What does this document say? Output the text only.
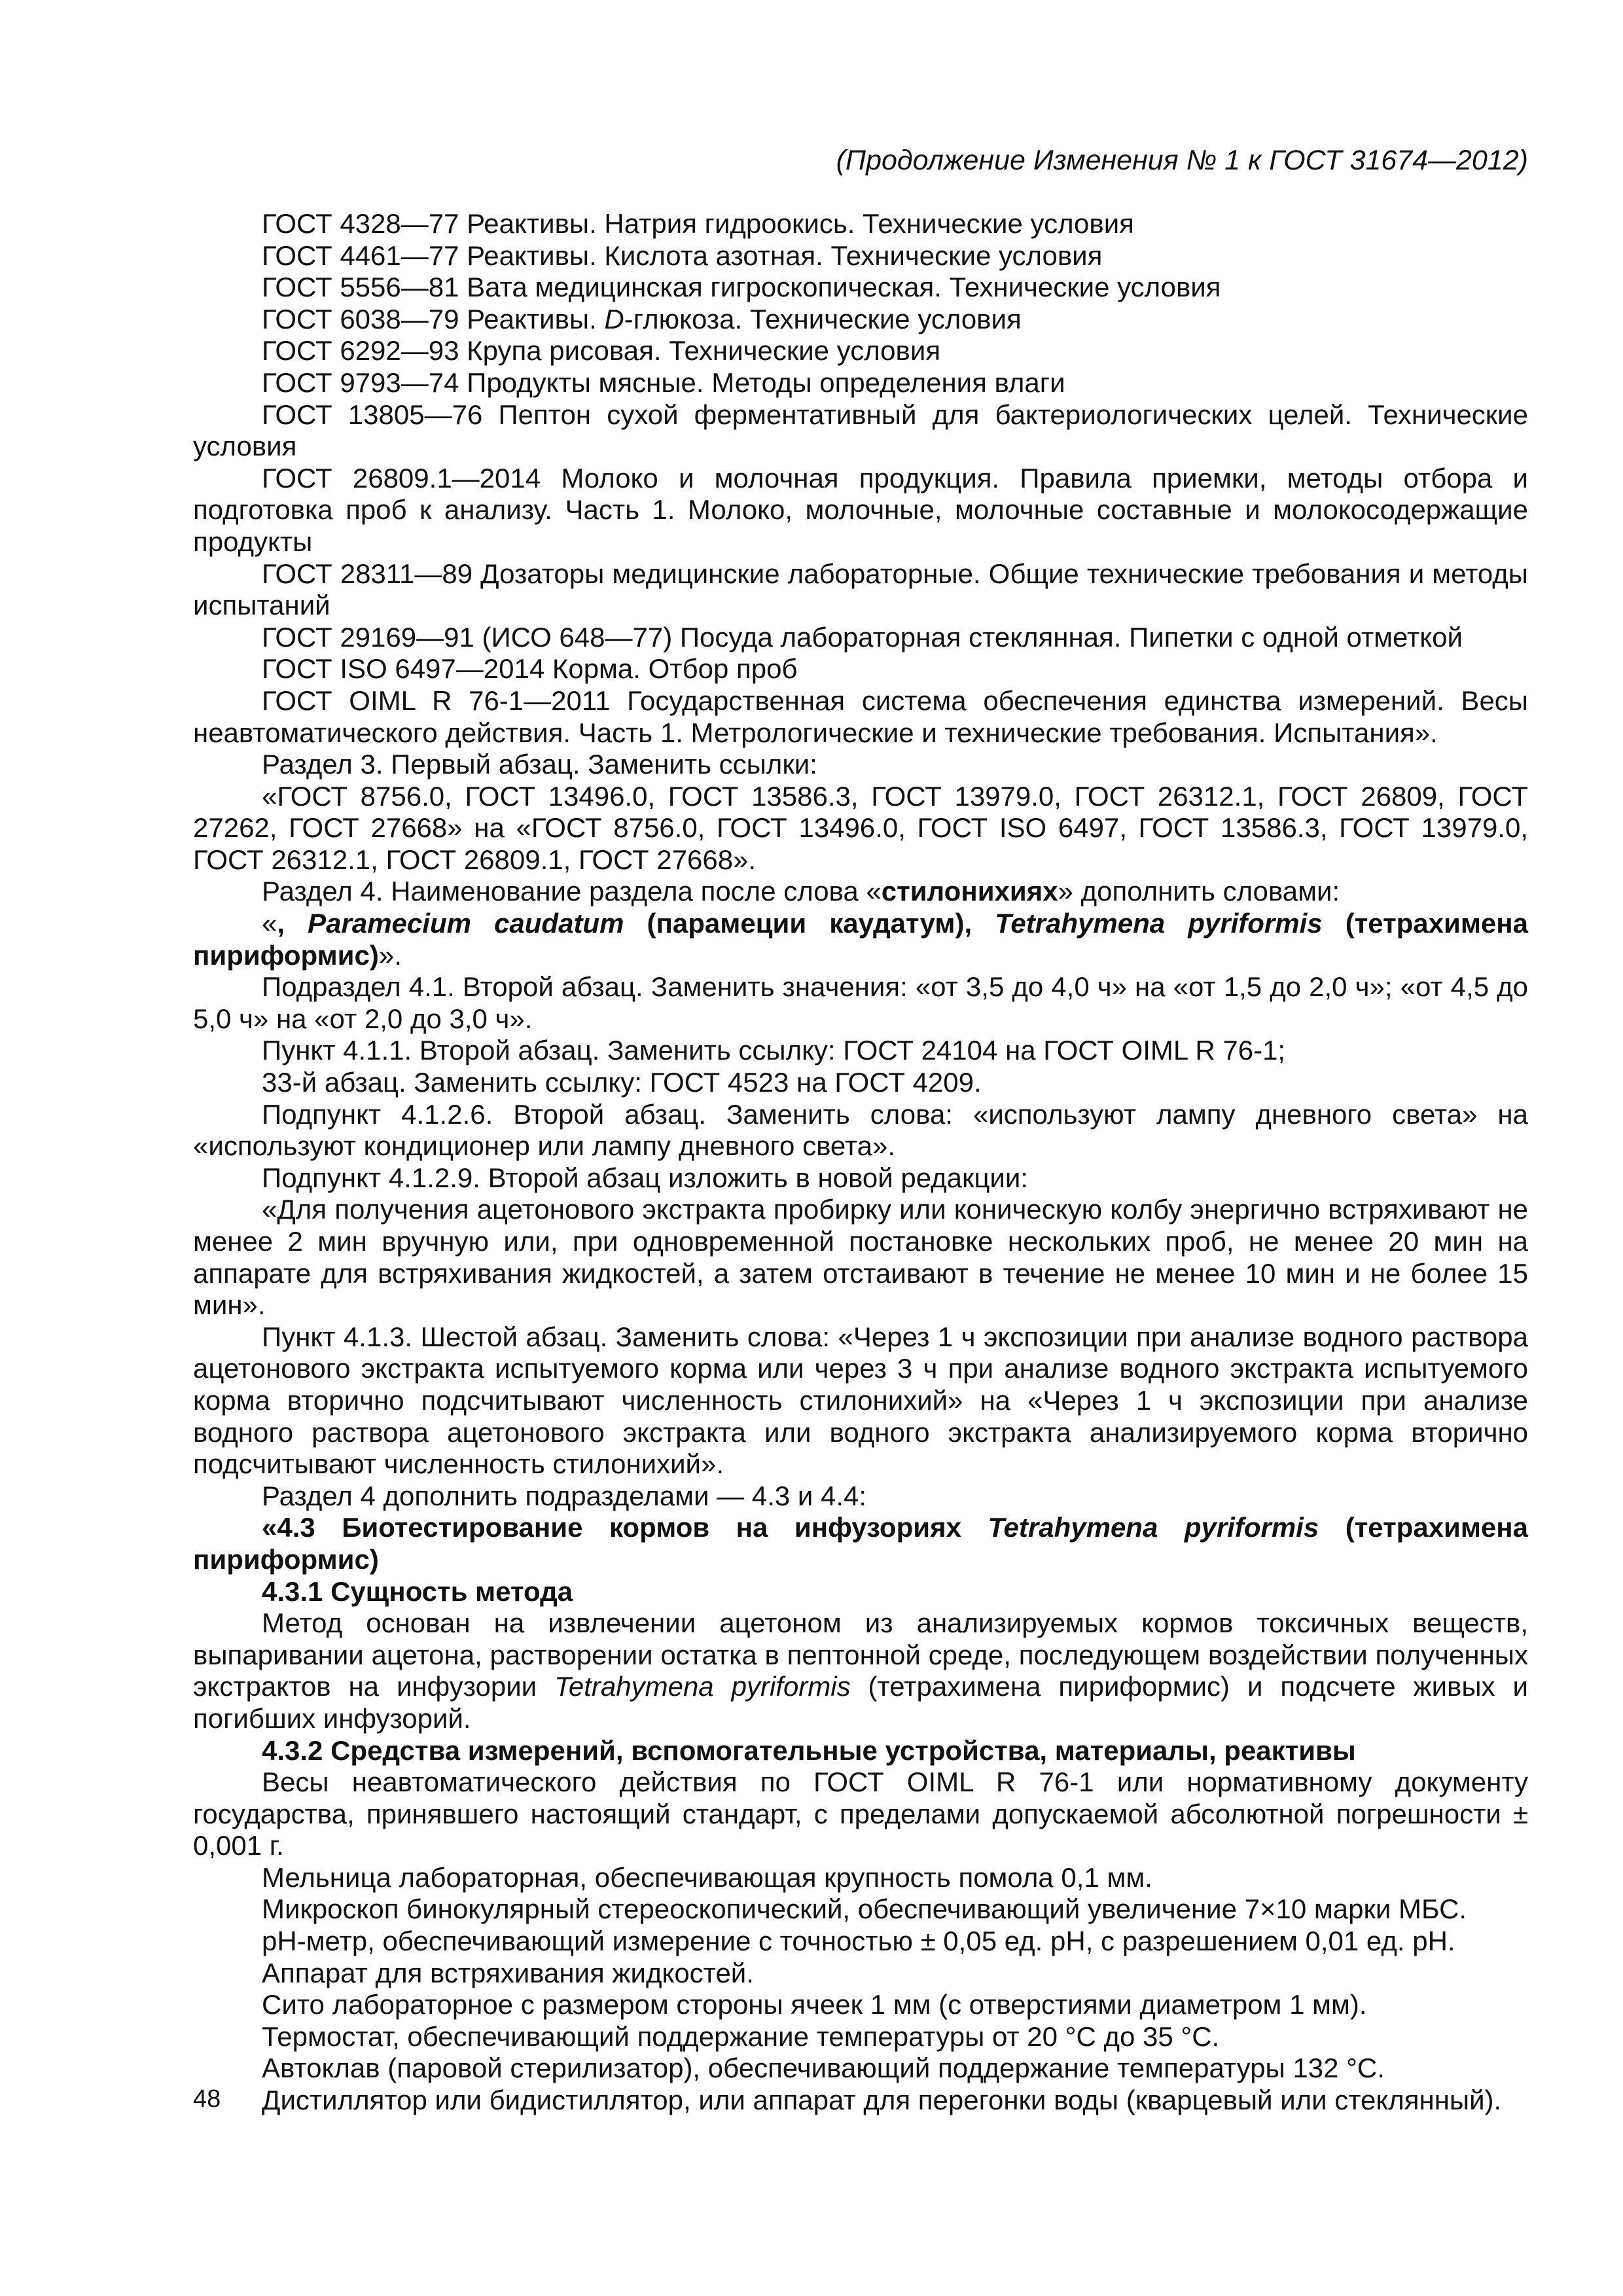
(Продолжение Изменения № 1 к ГОСТ 31674—2012)

ГОСТ 4328—77 Реактивы. Натрия гидроокись. Технические условия

ГОСТ 4461—77 Реактивы. Кислота азотная. Технические условия

ГОСТ 5556—81 Вата медицинская гигроскопическая. Технические условия

ГОСТ 6038—79 Реактивы. D-глюкоза. Технические условия

ГОСТ 6292—93 Крупа рисовая. Технические условия

ГОСТ 9793—74 Продукты мясные. Методы определения влаги

ГОСТ 13805—76 Пептон сухой ферментативный для бактериологических целей. Технические условия

ГОСТ 26809.1—2014 Молоко и молочная продукция. Правила приемки, методы отбора и подготовка проб к анализу. Часть 1. Молоко, молочные, молочные составные и молокосодержащие продукты

ГОСТ 28311—89 Дозаторы медицинские лабораторные. Общие технические требования и методы испытаний

ГОСТ 29169—91 (ИСО 648—77) Посуда лабораторная стеклянная. Пипетки с одной отметкой

ГОСТ ISO 6497—2014 Корма. Отбор проб

ГОСТ OIML R 76-1—2011 Государственная система обеспечения единства измерений. Весы неавтоматического действия. Часть 1. Метрологические и технические требования. Испытания».

Раздел 3. Первый абзац. Заменить ссылки:

«ГОСТ 8756.0, ГОСТ 13496.0, ГОСТ 13586.3, ГОСТ 13979.0, ГОСТ 26312.1, ГОСТ 26809, ГОСТ 27262, ГОСТ 27668» на «ГОСТ 8756.0, ГОСТ 13496.0, ГОСТ ISO 6497, ГОСТ 13586.3, ГОСТ 13979.0, ГОСТ 26312.1, ГОСТ 26809.1, ГОСТ 27668».

Раздел 4. Наименование раздела после слова «стилонихиях» дополнить словами:

«, Paramecium caudatum (парамеции каудатум), Tetrahymena pyriformis (тетрахимена пириформис)».

Подраздел 4.1. Второй абзац. Заменить значения: «от 3,5 до 4,0 ч» на «от 1,5 до 2,0 ч»; «от 4,5 до 5,0 ч» на «от 2,0 до 3,0 ч».

Пункт 4.1.1. Второй абзац. Заменить ссылку: ГОСТ 24104 на ГОСТ OIML R 76-1;

33-й абзац. Заменить ссылку: ГОСТ 4523 на ГОСТ 4209.

Подпункт 4.1.2.6. Второй абзац. Заменить слова: «используют лампу дневного света» на «используют кондиционер или лампу дневного света».

Подпункт 4.1.2.9. Второй абзац изложить в новой редакции:

«Для получения ацетонового экстракта пробирку или коническую колбу энергично встряхивают не менее 2 мин вручную или, при одновременной постановке нескольких проб, не менее 20 мин на аппарате для встряхивания жидкостей, а затем отстаивают в течение не менее 10 мин и не более 15 мин».

Пункт 4.1.3. Шестой абзац. Заменить слова: «Через 1 ч экспозиции при анализе водного раствора ацетонового экстракта испытуемого корма или через 3 ч при анализе водного экстракта испытуемого корма вторично подсчитывают численность стилонихий» на «Через 1 ч экспозиции при анализе водного раствора ацетонового экстракта или водного экстракта анализируемого корма вторично подсчитывают численность стилонихий».

Раздел 4 дополнить подразделами — 4.3 и 4.4:

«4.3 Биотестирование кормов на инфузориях Tetrahymena pyriformis (тетрахимена пириформис)

4.3.1 Сущность метода

Метод основан на извлечении ацетоном из анализируемых кормов токсичных веществ, выпаривании ацетона, растворении остатка в пептонной среде, последующем воздействии полученных экстрактов на инфузории Tetrahymena pyriformis (тетрахимена пириформис) и подсчете живых и погибших инфузорий.

4.3.2 Средства измерений, вспомогательные устройства, материалы, реактивы

Весы неавтоматического действия по ГОСТ OIML R 76-1 или нормативному документу государства, принявшего настоящий стандарт, с пределами допускаемой абсолютной погрешности ± 0,001 г.

Мельница лабораторная, обеспечивающая крупность помола 0,1 мм.

Микроскоп бинокулярный стереоскопический, обеспечивающий увеличение 7×10 марки МБС.

pH-метр, обеспечивающий измерение с точностью ± 0,05 ед. pH, с разрешением 0,01 ед. pH.

Аппарат для встряхивания жидкостей.

Сито лабораторное с размером стороны ячеек 1 мм (с отверстиями диаметром 1 мм).

Термостат, обеспечивающий поддержание температуры от 20 °С до 35 °С.

Автоклав (паровой стерилизатор), обеспечивающий поддержание температуры 132 °С.

Дистиллятор или бидистиллятор, или аппарат для перегонки воды (кварцевый или стеклянный).

48
